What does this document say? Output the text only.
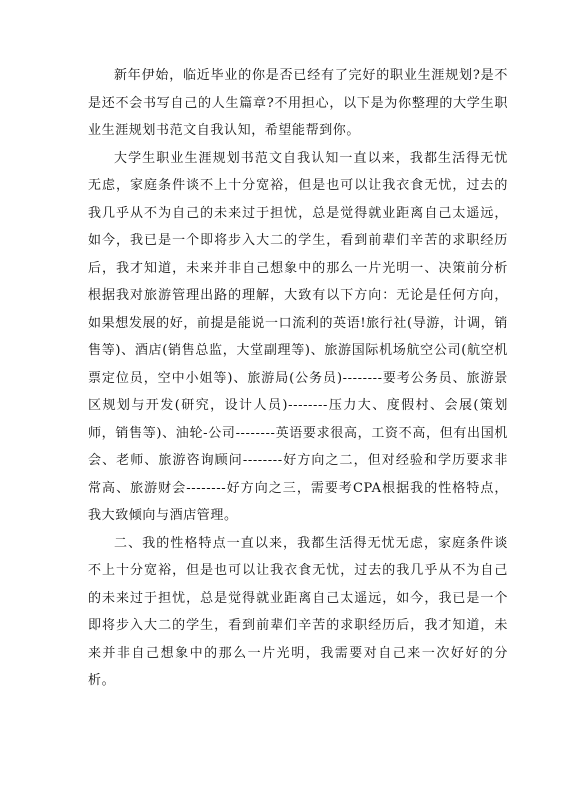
新年伊始，临近毕业的你是否已经有了完好的职业生涯规划?是不是还不会书写自己的人生篇章?不用担心，以下是为你整理的大学生职业生涯规划书范文自我认知，希望能帮到你。

大学生职业生涯规划书范文自我认知一直以来，我都生活得无忧无虑，家庭条件谈不上十分宽裕，但是也可以让我衣食无忧，过去的我几乎从不为自己的未来过于担忧，总是觉得就业距离自己太遥远，如今，我已是一个即将步入大二的学生，看到前辈们辛苦的求职经历后，我才知道，未来并非自己想象中的那么一片光明一、决策前分析根据我对旅游管理出路的理解，大致有以下方向：无论是任何方向，如果想发展的好，前提是能说一口流利的英语!旅行社(导游，计调，销售等)、酒店(销售总监，大堂副理等)、旅游国际机场航空公司(航空机票定位员，空中小姐等)、旅游局(公务员)--------要考公务员、旅游景区规划与开发(研究，设计人员)--------压力大、度假村、会展(策划师，销售等)、油轮-公司--------英语要求很高，工资不高，但有出国机会、老师、旅游咨询顾问--------好方向之二，但对经验和学历要求非常高、旅游财会--------好方向之三，需要考CPA根据我的性格特点，我大致倾向与酒店管理。

二、我的性格特点一直以来，我都生活得无忧无虑，家庭条件谈不上十分宽裕，但是也可以让我衣食无忧，过去的我几乎从不为自己的未来过于担忧，总是觉得就业距离自己太遥远，如今，我已是一个即将步入大二的学生，看到前辈们辛苦的求职经历后，我才知道，未来并非自己想象中的那么一片光明，我需要对自己来一次好好的分析。
